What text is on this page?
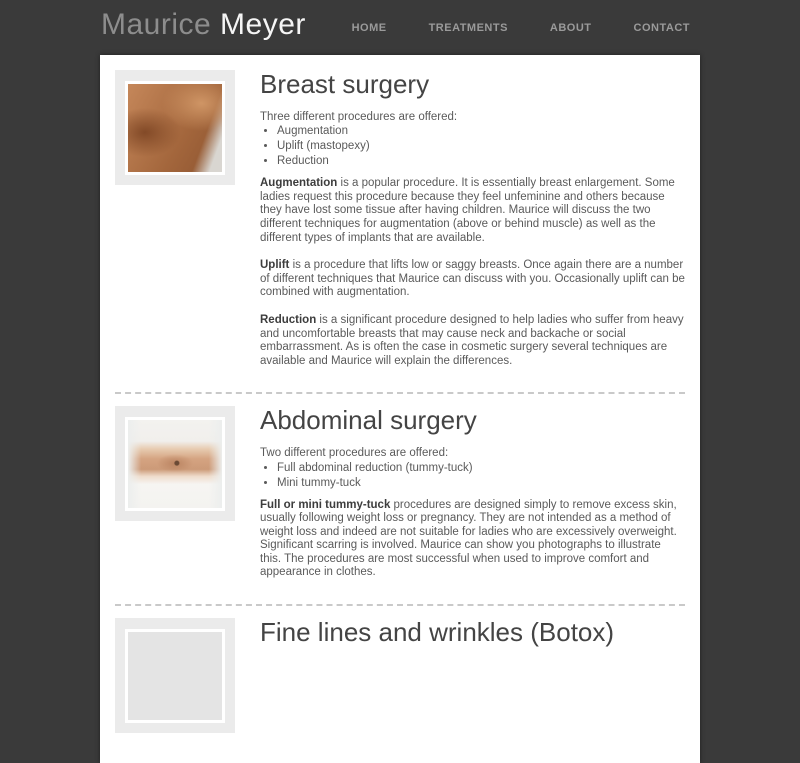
Maurice Meyer	HOME	TREATMENTS	ABOUT	CONTACT
Breast surgery

Three different procedures are offered:

• Augmentation
• Uplift (mastopexy)
• Reduction

Augmentation is a popular procedure. It is essentially breast enlargement. Some ladies request this procedure because they feel unfeminine and others because they have lost some tissue after having children. Maurice will discuss the two different techniques for augmentation (above or behind muscle) as well as the different types of implants that are available.

Uplift is a procedure that lifts low or saggy breasts. Once again there are a number of different techniques that Maurice can discuss with you. Occasionally uplift can be combined with augmentation.

Reduction is a significant procedure designed to help ladies who suffer from heavy and uncomfortable breasts that may cause neck and backache or social embarrassment. As is often the case in cosmetic surgery several techniques are available and Maurice will explain the differences.

Abdominal surgery

Two different procedures are offered:

• Full abdominal reduction (tummy-tuck)
• Mini tummy-tuck

Full or mini tummy-tuck procedures are designed simply to remove excess skin, usually following weight loss or pregnancy. They are not intended as a method of weight loss and indeed are not suitable for ladies who are excessively overweight. Significant scarring is involved. Maurice can show you photographs to illustrate this. The procedures are most successful when used to improve comfort and appearance in clothes.

Fine lines and wrinkles (Botox)
